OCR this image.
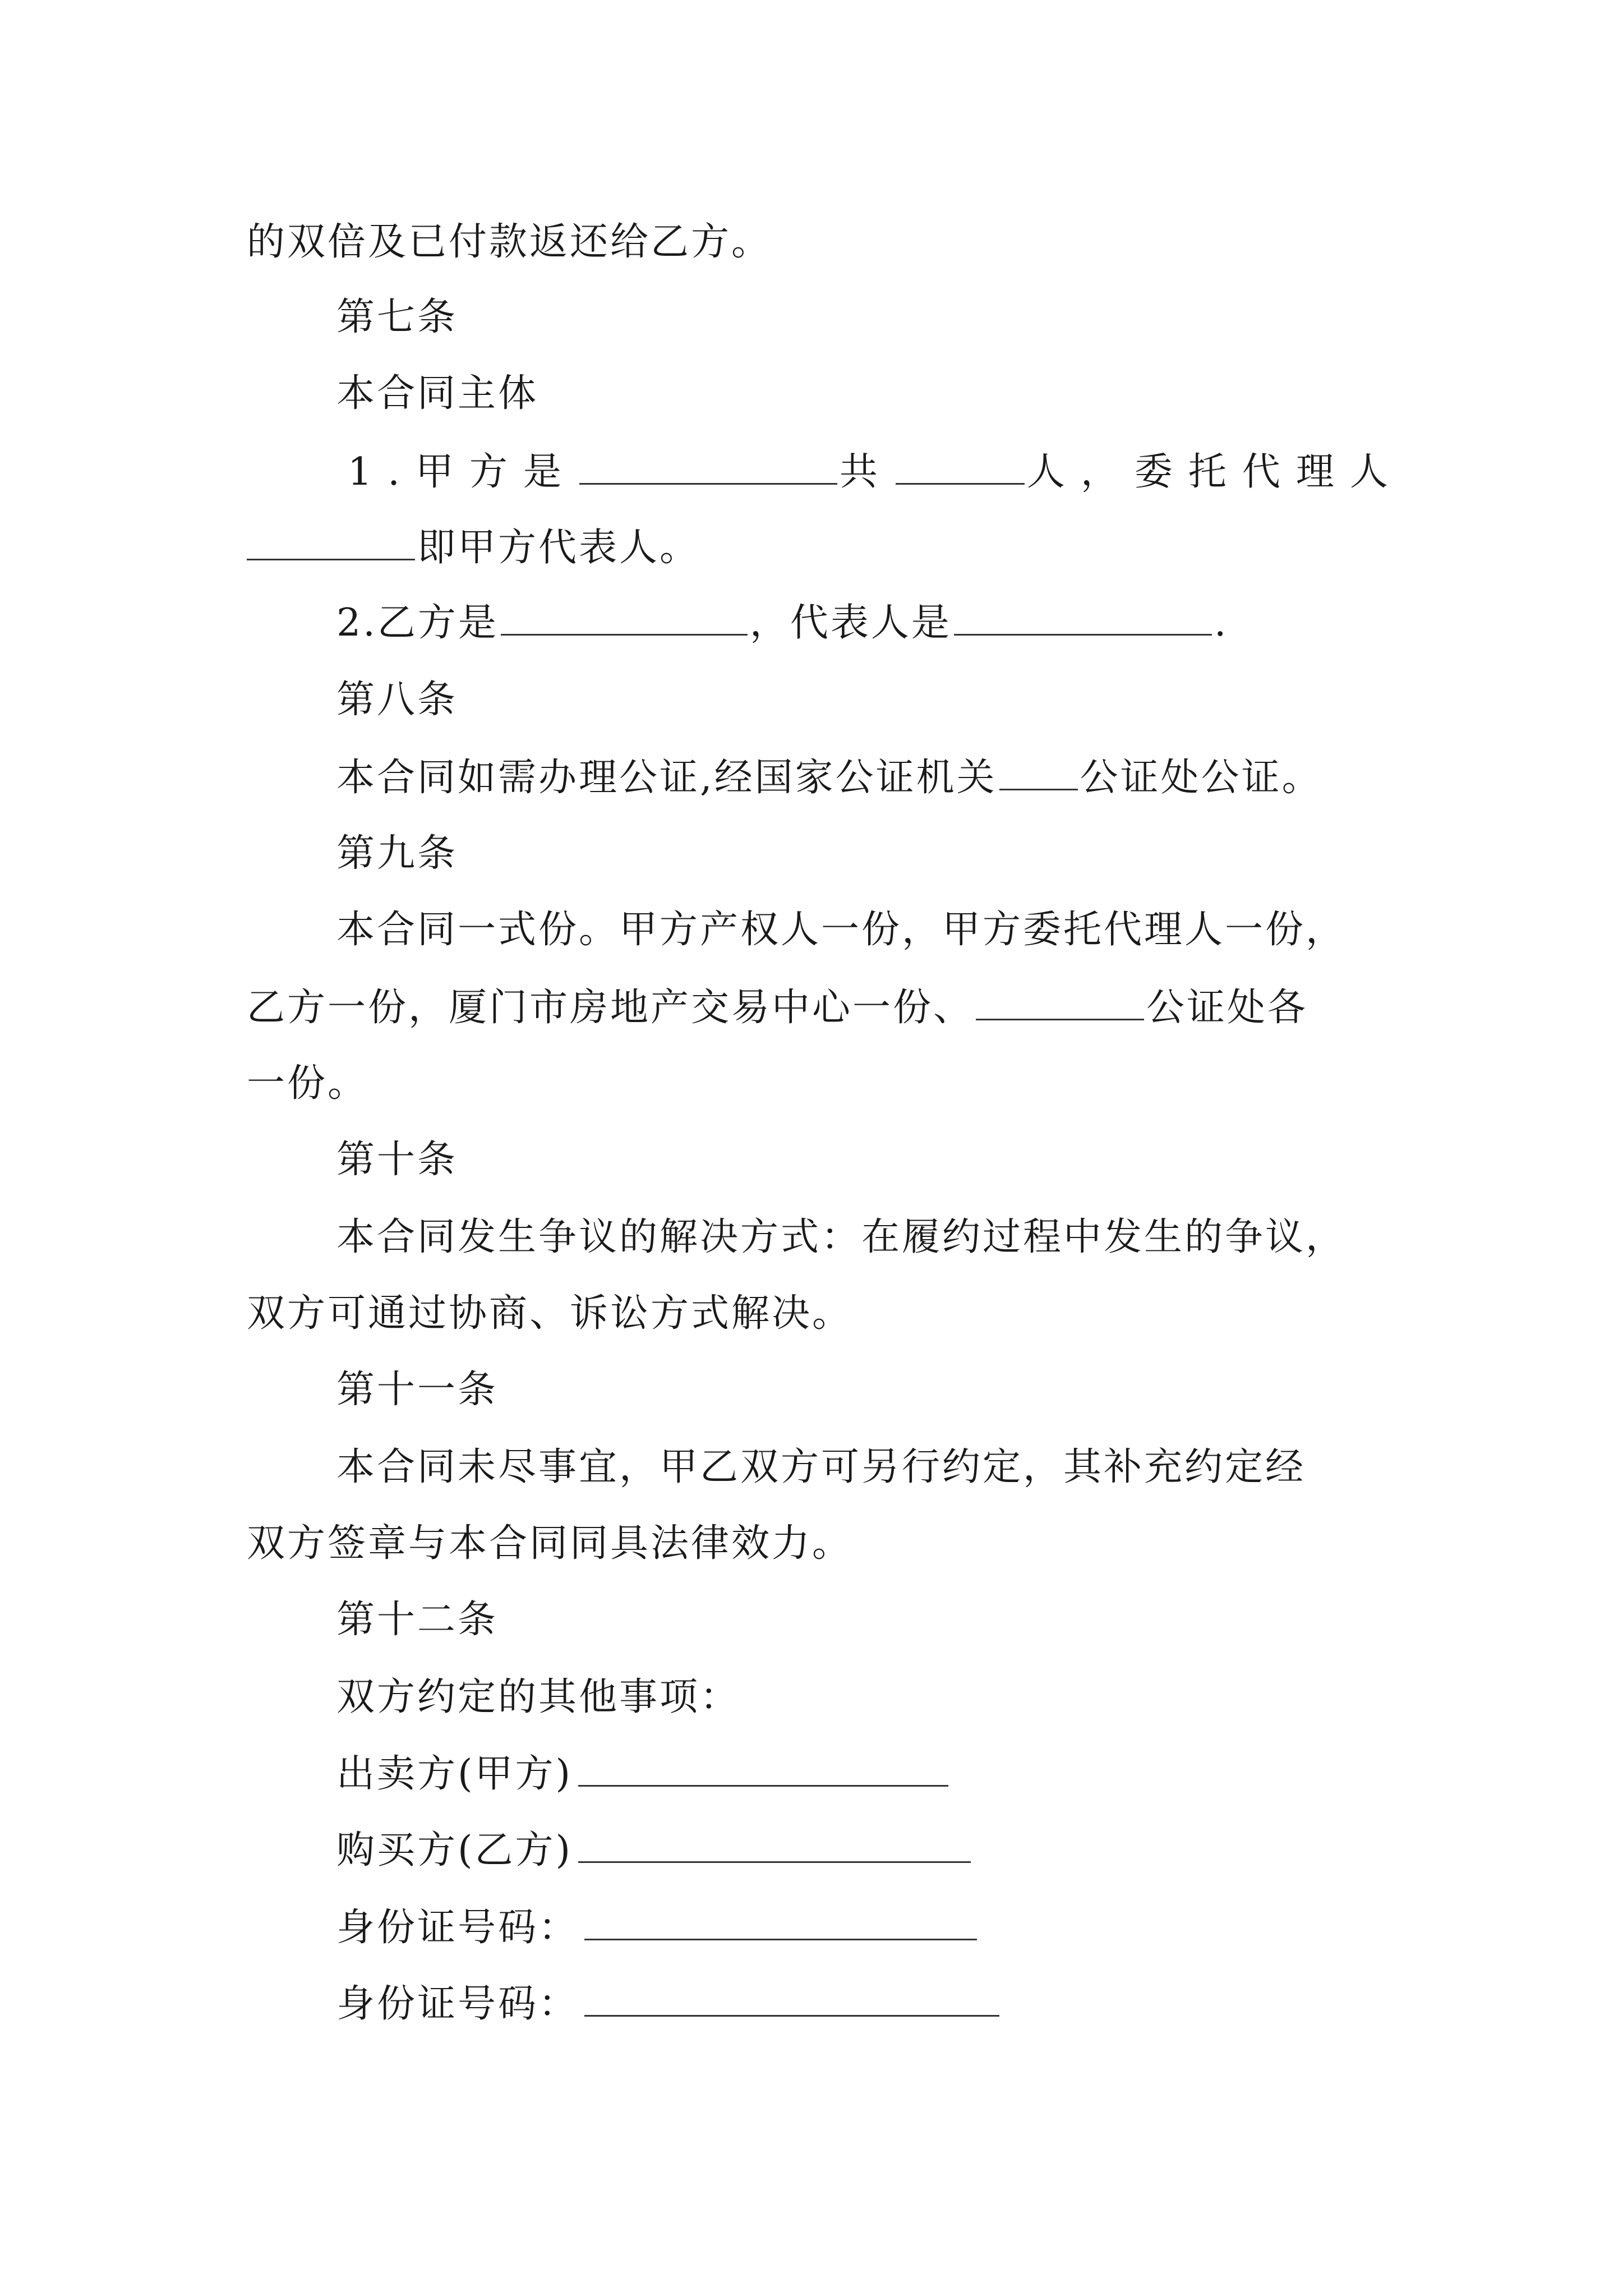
的双倍及已付款返还给乙方。
第七条
本合同主体
1.甲方是	共	人，委托代理人
即甲方代表人。
2.乙方是	，代表人是	.
第八条
本合同如需办理公证,经国家公证机关 公证处公证。
第九条
本合同一式份。甲方产权人一份，甲方委托代理人一份，
乙方一份，厦门市房地产交易中心一份、	公证处各
一份。
第十条
本合同发生争议的解决方式：在履约过程中发生的争议，
双方可通过协商、诉讼方式解决。
第十一条
本合同未尽事宜，甲乙双方可另行约定，其补充约定经
双方签章与本合同同具法律效力。
第十二条
双方约定的其他事项：
出卖方(甲方)
购买方(乙方)
身份证号码：
身份证号码：
